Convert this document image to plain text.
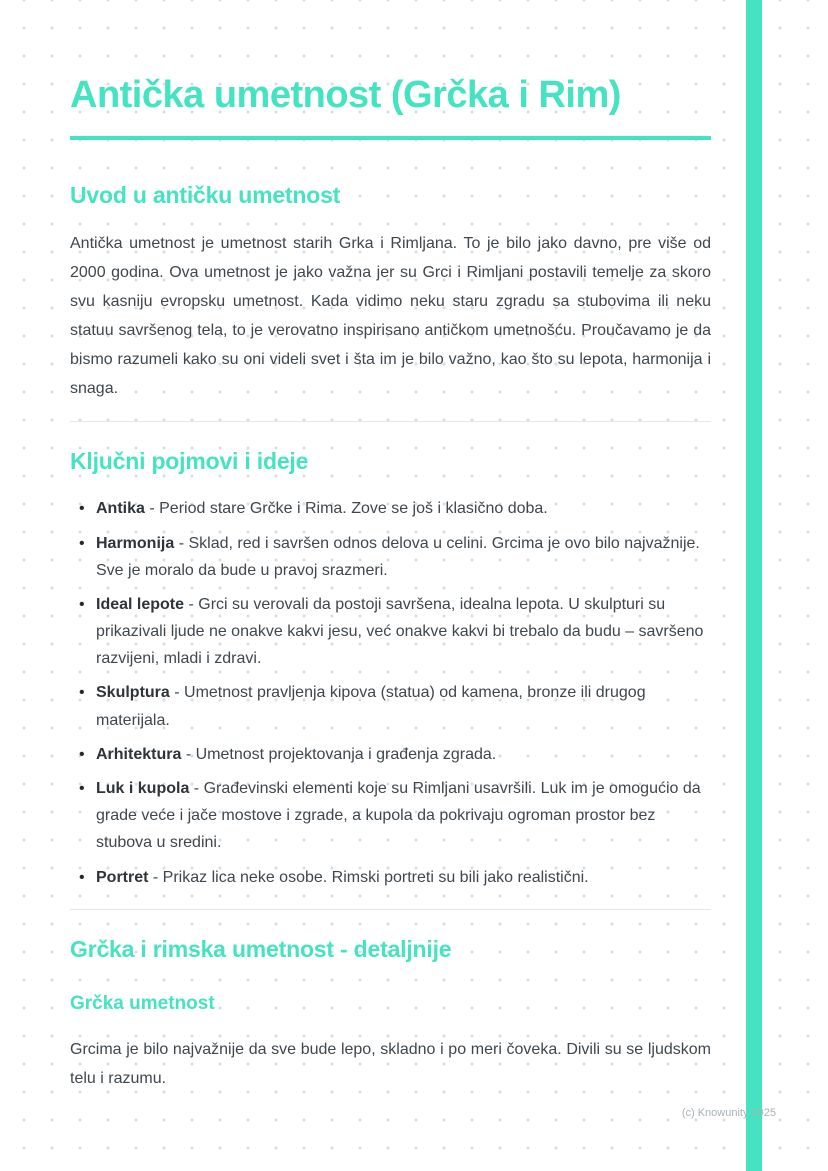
Antička umetnost (Grčka i Rim)
Uvod u antičku umetnost

Antička umetnost je umetnost starih Grka i Rimljana. To je bilo jako davno, pre više od 2000 godina. Ova umetnost je jako važna jer su Grci i Rimljani postavili temelje za skoro svu kasniju evropsku umetnost. Kada vidimo neku staru zgradu sa stubovima ili neku statuu savršenog tela, to je verovatno inspirisano antičkom umetnošću. Proučavamo je da bismo razumeli kako su oni videli svet i šta im je bilo važno, kao što su lepota, harmonija i snaga.

Ključni pojmovi i ideje
• Antika - Period stare Grčke i Rima. Zove se još i klasično doba.
• Harmonija - Sklad, red i savršen odnos delova u celini. Grcima je ovo bilo najvažnije. Sve je moralo da bude u pravoj srazmeri.
• Ideal lepote - Grci su verovali da postoji savršena, idealna lepota. U skulpturi su prikazivali ljude ne onakve kakvi jesu, već onakve kakvi bi trebalo da budu – savršeno razvijeni, mladi i zdravi.
• Skulptura - Umetnost pravljenja kipova (statua) od kamena, bronze ili drugog materijala.
• Arhitektura - Umetnost projektovanja i građenja zgrada.
• Luk i kupola - Građevinski elementi koje su Rimljani usavršili. Luk im je omogućio da grade veće i jače mostove i zgrade, a kupola da pokrivaju ogroman prostor bez stubova u sredini.
• Portret - Prikaz lica neke osobe. Rimski portreti su bili jako realistični.
Grčka i rimska umetnost - detaljnije
Grčka umetnost

Grcima je bilo najvažnije da sve bude lepo, skladno i po meri čoveka. Divili su se ljudskom telu i razumu.

(c) Knowunity 2025
